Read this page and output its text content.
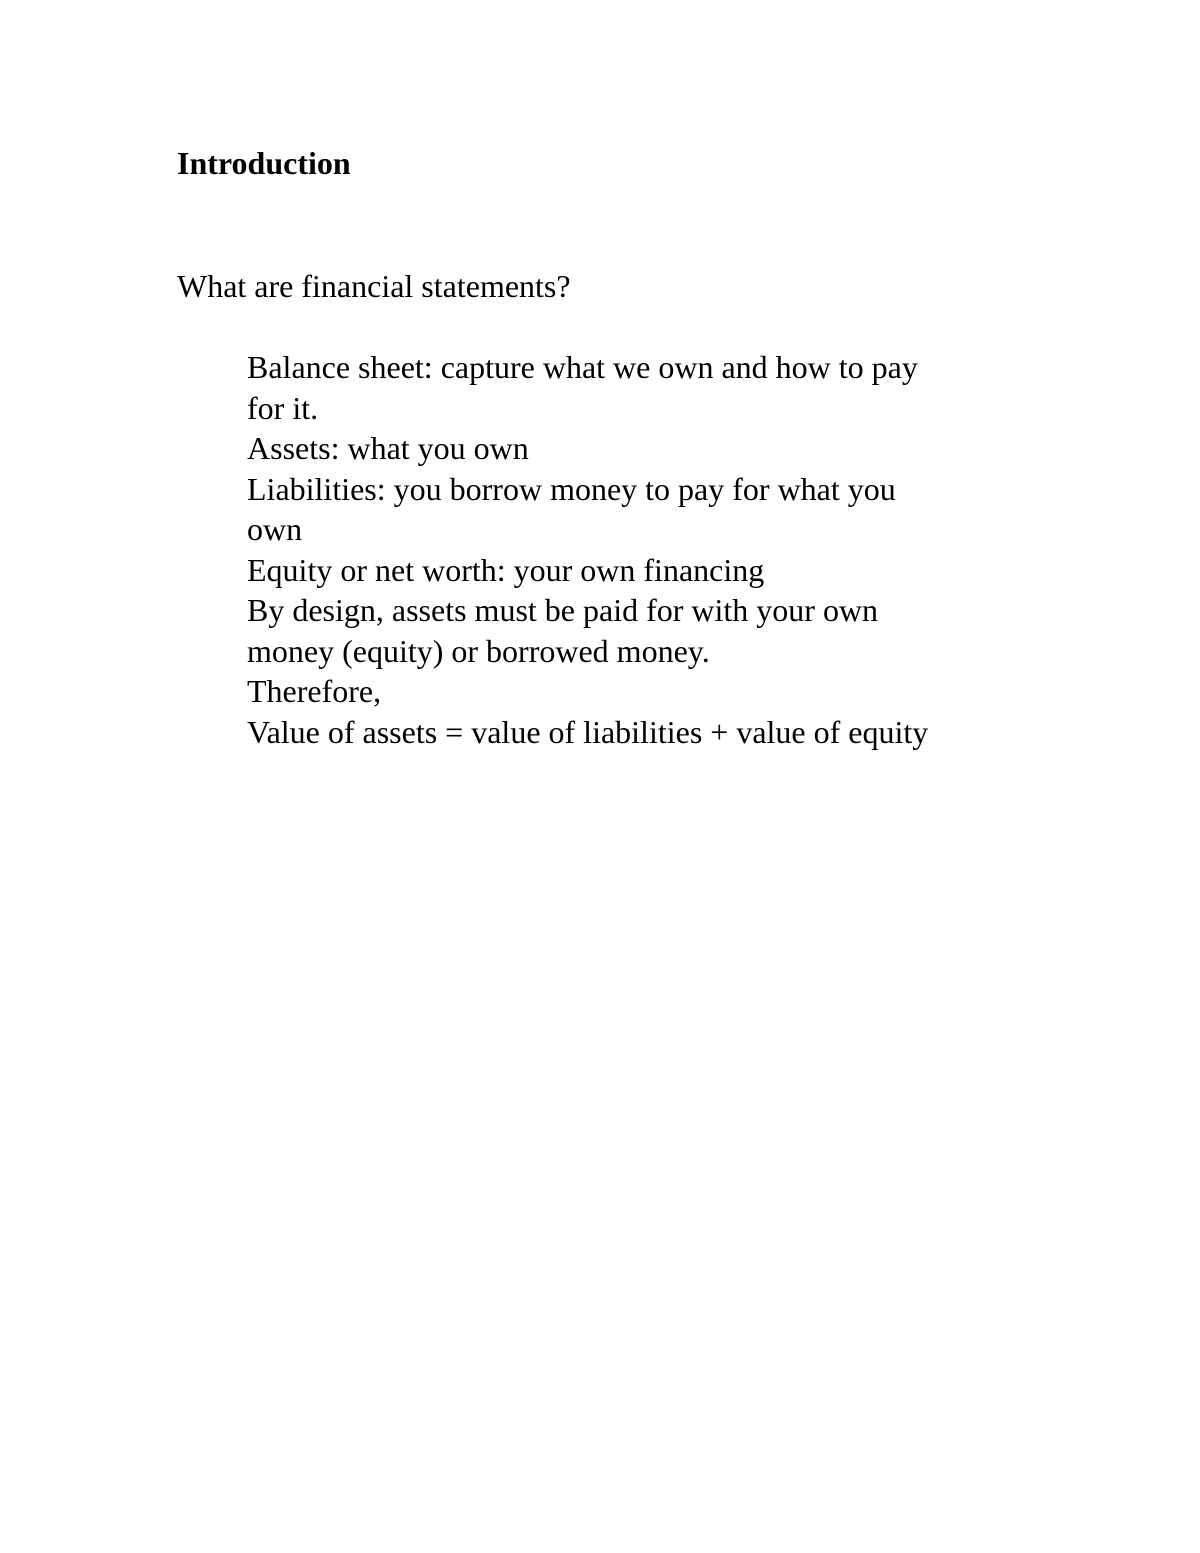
Introduction
What are financial statements?
Balance sheet: capture what we own and how to pay
for it.
Assets: what you own
Liabilities: you borrow money to pay for what you
own
Equity or net worth: your own financing
By design, assets must be paid for with your own
money (equity) or borrowed money.
Therefore,
Value of assets = value of liabilities + value of equity
